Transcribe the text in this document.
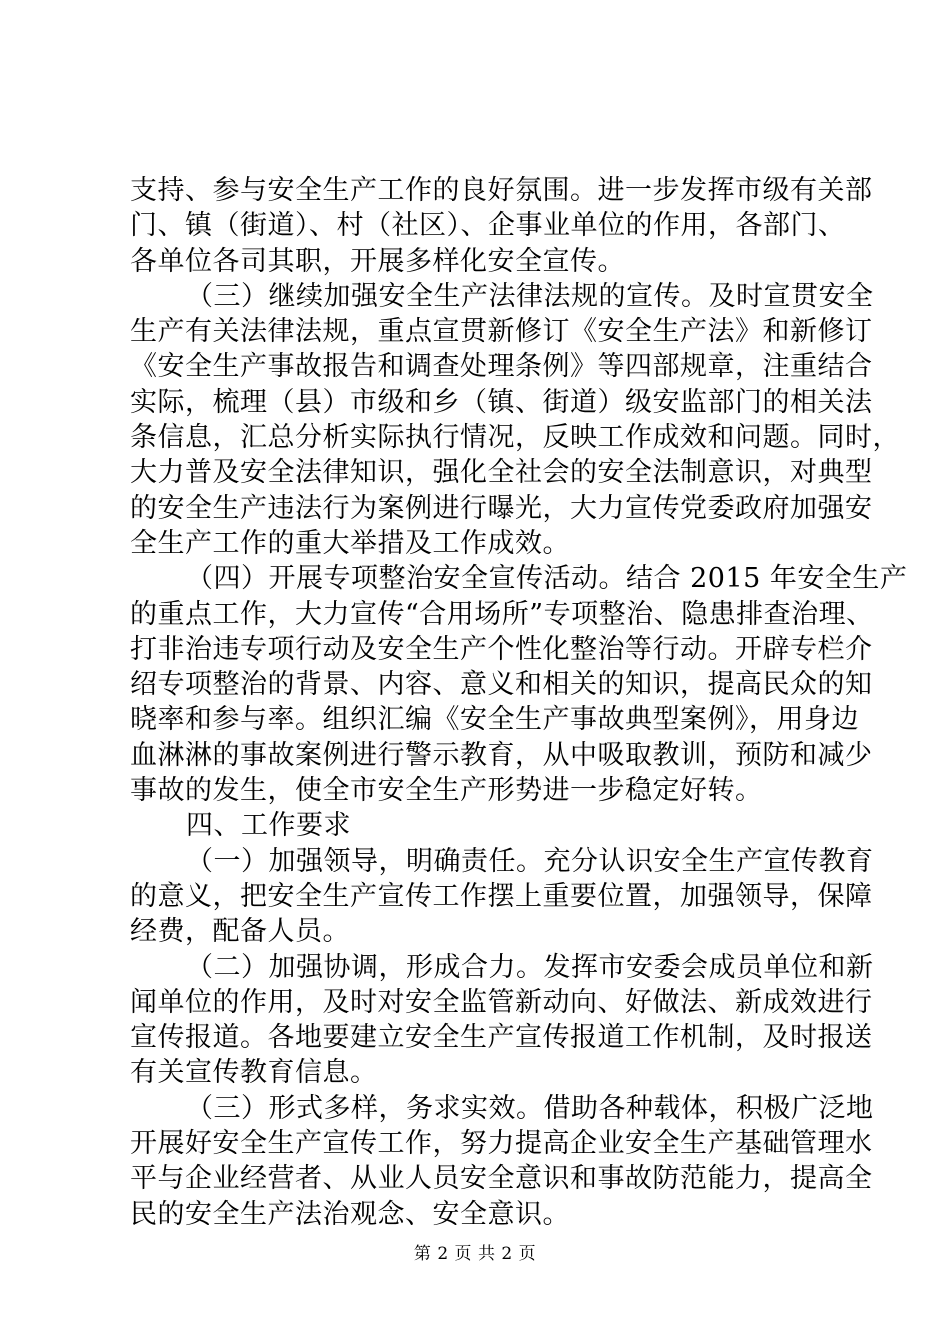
支持、参与安全生产工作的良好氛围。进一步发挥市级有关部
门、镇（街道）、村（社区）、企事业单位的作用，各部门、
各单位各司其职，开展多样化安全宣传。
（三）继续加强安全生产法律法规的宣传。及时宣贯安全
生产有关法律法规，重点宣贯新修订《安全生产法》和新修订
《安全生产事故报告和调查处理条例》等四部规章，注重结合
实际，梳理（县）市级和乡（镇、街道）级安监部门的相关法
条信息，汇总分析实际执行情况，反映工作成效和问题。同时，
大力普及安全法律知识，强化全社会的安全法制意识，对典型
的安全生产违法行为案例进行曝光，大力宣传党委政府加强安
全生产工作的重大举措及工作成效。
（四）开展专项整治安全宣传活动。结合 2015 年安全生产
的重点工作，大力宣传“合用场所”专项整治、隐患排查治理、
打非治违专项行动及安全生产个性化整治等行动。开辟专栏介
绍专项整治的背景、内容、意义和相关的知识，提高民众的知
晓率和参与率。组织汇编《安全生产事故典型案例》，用身边
血淋淋的事故案例进行警示教育，从中吸取教训，预防和减少
事故的发生，使全市安全生产形势进一步稳定好转。
四、工作要求
（一）加强领导，明确责任。充分认识安全生产宣传教育
的意义，把安全生产宣传工作摆上重要位置，加强领导，保障
经费，配备人员。
（二）加强协调，形成合力。发挥市安委会成员单位和新
闻单位的作用，及时对安全监管新动向、好做法、新成效进行
宣传报道。各地要建立安全生产宣传报道工作机制，及时报送
有关宣传教育信息。
（三）形式多样，务求实效。借助各种载体，积极广泛地
开展好安全生产宣传工作，努力提高企业安全生产基础管理水
平与企业经营者、从业人员安全意识和事故防范能力，提高全
民的安全生产法治观念、安全意识。
第 2 页 共 2 页
